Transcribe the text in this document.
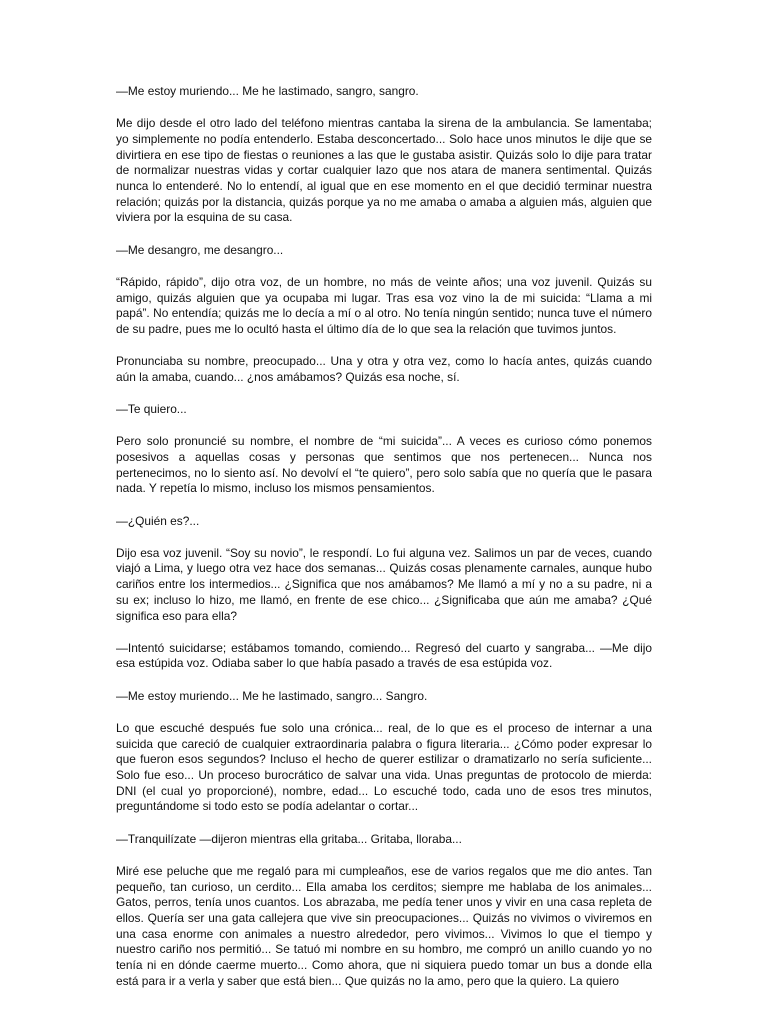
—Me estoy muriendo... Me he lastimado, sangro, sangro.

Me dijo desde el otro lado del teléfono mientras cantaba la sirena de la ambulancia. Se lamentaba; yo simplemente no podía entenderlo. Estaba desconcertado... Solo hace unos minutos le dije que se divirtiera en ese tipo de fiestas o reuniones a las que le gustaba asistir. Quizás solo lo dije para tratar de normalizar nuestras vidas y cortar cualquier lazo que nos atara de manera sentimental. Quizás nunca lo entenderé. No lo entendí, al igual que en ese momento en el que decidió terminar nuestra relación; quizás por la distancia, quizás porque ya no me amaba o amaba a alguien más, alguien que viviera por la esquina de su casa.

—Me desangro, me desangro...

“Rápido, rápido”, dijo otra voz, de un hombre, no más de veinte años; una voz juvenil. Quizás su amigo, quizás alguien que ya ocupaba mi lugar. Tras esa voz vino la de mi suicida: “Llama a mi papá”. No entendía; quizás me lo decía a mí o al otro. No tenía ningún sentido; nunca tuve el número de su padre, pues me lo ocultó hasta el último día de lo que sea la relación que tuvimos juntos.

Pronunciaba su nombre, preocupado... Una y otra y otra vez, como lo hacía antes, quizás cuando aún la amaba, cuando... ¿nos amábamos? Quizás esa noche, sí.

—Te quiero...

Pero solo pronuncié su nombre, el nombre de “mi suicida”... A veces es curioso cómo ponemos posesivos a aquellas cosas y personas que sentimos que nos pertenecen... Nunca nos pertenecimos, no lo siento así. No devolví el “te quiero”, pero solo sabía que no quería que le pasara nada. Y repetía lo mismo, incluso los mismos pensamientos.

—¿Quién es?...

Dijo esa voz juvenil. “Soy su novio”, le respondí. Lo fui alguna vez. Salimos un par de veces, cuando viajó a Lima, y luego otra vez hace dos semanas... Quizás cosas plenamente carnales, aunque hubo cariños entre los intermedios... ¿Significa que nos amábamos? Me llamó a mí y no a su padre, ni a su ex; incluso lo hizo, me llamó, en frente de ese chico... ¿Significaba que aún me amaba? ¿Qué significa eso para ella?

—Intentó suicidarse; estábamos tomando, comiendo... Regresó del cuarto y sangraba... —Me dijo esa estúpida voz. Odiaba saber lo que había pasado a través de esa estúpida voz.

—Me estoy muriendo... Me he lastimado, sangro... Sangro.

Lo que escuché después fue solo una crónica... real, de lo que es el proceso de internar a una suicida que careció de cualquier extraordinaria palabra o figura literaria... ¿Cómo poder expresar lo que fueron esos segundos? Incluso el hecho de querer estilizar o dramatizarlo no sería suficiente... Solo fue eso... Un proceso burocrático de salvar una vida. Unas preguntas de protocolo de mierda: DNI (el cual yo proporcioné), nombre, edad... Lo escuché todo, cada uno de esos tres minutos, preguntándome si todo esto se podía adelantar o cortar...

—Tranquilízate —dijeron mientras ella gritaba... Gritaba, lloraba...

Miré ese peluche que me regaló para mi cumpleaños, ese de varios regalos que me dio antes. Tan pequeño, tan curioso, un cerdito... Ella amaba los cerditos; siempre me hablaba de los animales... Gatos, perros, tenía unos cuantos. Los abrazaba, me pedía tener unos y vivir en una casa repleta de ellos. Quería ser una gata callejera que vive sin preocupaciones... Quizás no vivimos o viviremos en una casa enorme con animales a nuestro alrededor, pero vivimos... Vivimos lo que el tiempo y nuestro cariño nos permitió... Se tatuó mi nombre en su hombro, me compró un anillo cuando yo no tenía ni en dónde caerme muerto... Como ahora, que ni siquiera puedo tomar un bus a donde ella está para ir a verla y saber que está bien... Que quizás no la amo, pero que la quiero. La quiero
